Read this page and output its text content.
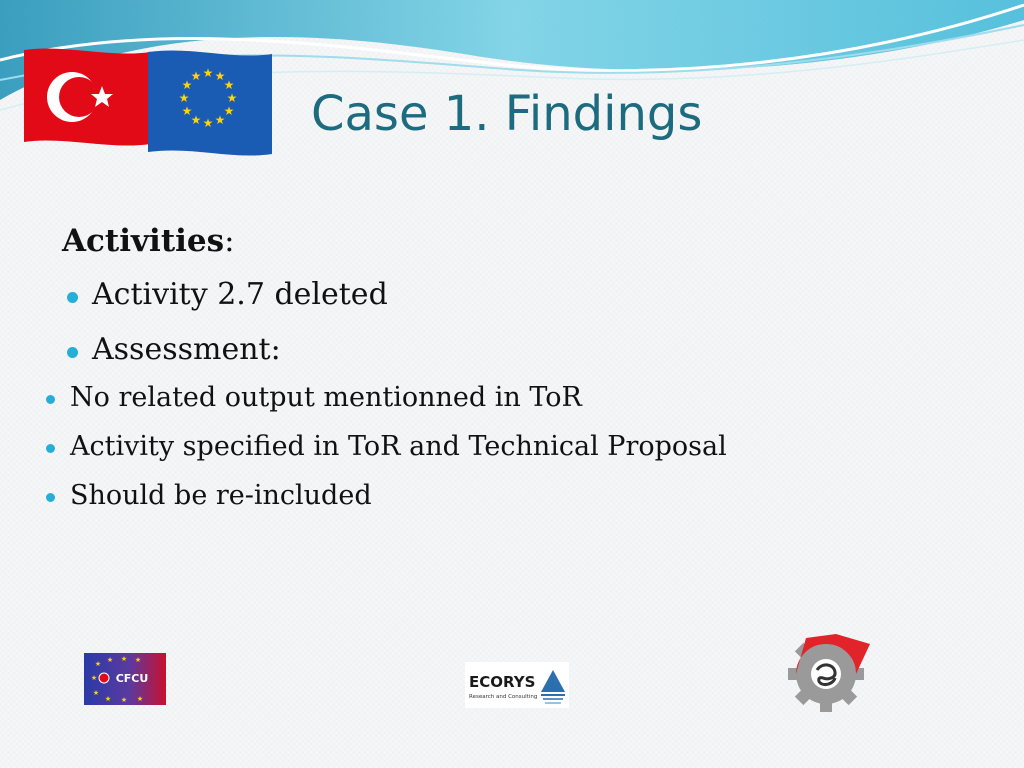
★ ★
★
★
★
★
★
★
★
★
★
★
Case 1. Findings
Activities:
Activity 2.7 deleted
Assessment:
No related output mentionned in ToR
Activity specified in ToR and Technical Proposal
Should be re-included
★ ★ ★ ★
★
★
★ ★ ★
CFCU	ECORYS
Research and Consulting
